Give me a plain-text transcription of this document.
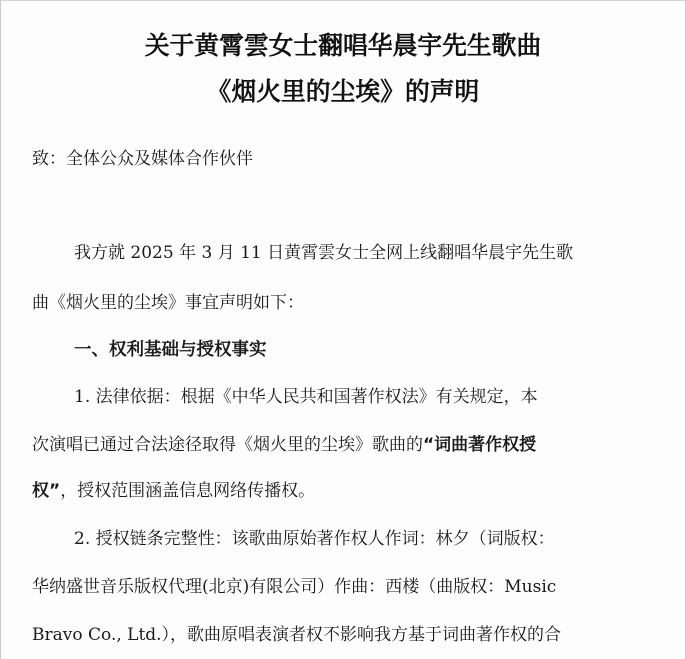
关于黄霄雲女士翻唱华晨宇先生歌曲
《烟火里的尘埃》的声明
致：全体公众及媒体合作伙伴
我方就 2025 年 3 月 11 日黄霄雲女士全网上线翻唱华晨宇先生歌
曲《烟火里的尘埃》事宜声明如下：
一、权利基础与授权事实
1. 法律依据：根据《中华人民共和国著作权法》有关规定，本
次演唱已通过合法途径取得《烟火里的尘埃》歌曲的“词曲著作权授
权”，授权范围涵盖信息网络传播权。
2. 授权链条完整性：该歌曲原始著作权人作词：林夕（词版权：
华纳盛世音乐版权代理(北京)有限公司）作曲：西楼（曲版权：Music
Bravo Co., Ltd.），歌曲原唱表演者权不影响我方基于词曲著作权的合
